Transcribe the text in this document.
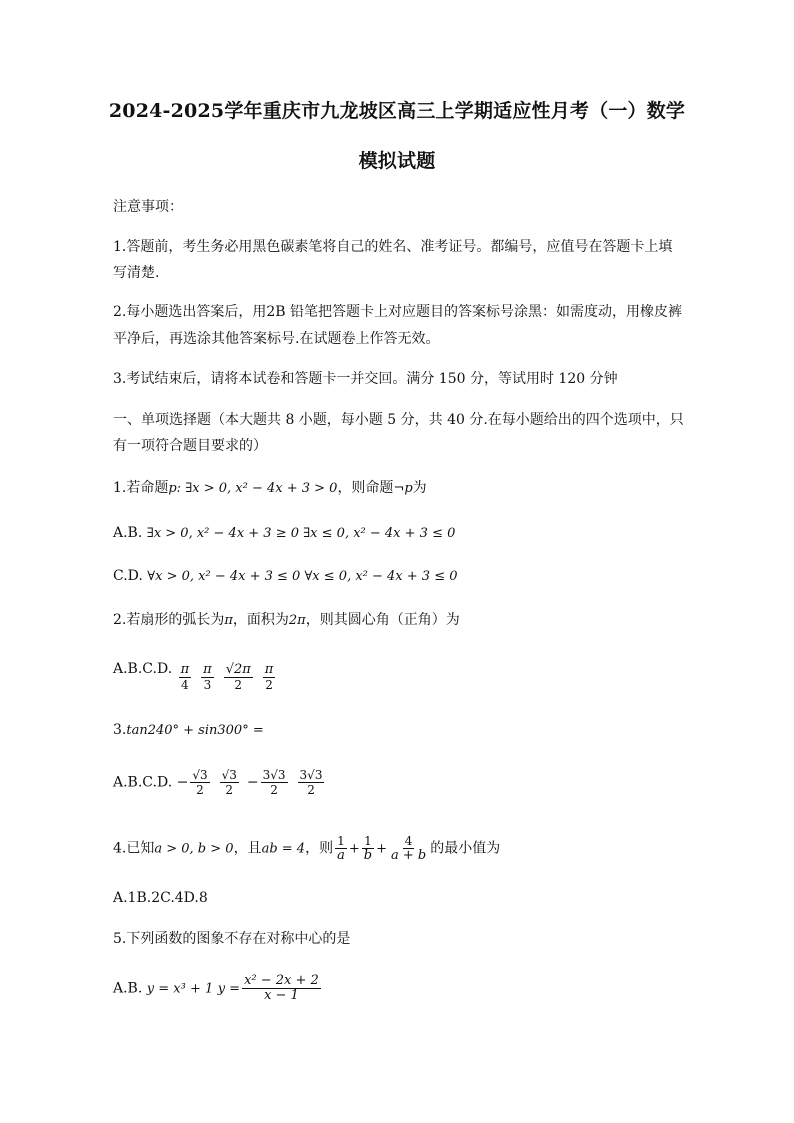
2024-2025学年重庆市九龙坡区高三上学期适应性月考（一）数学
模拟试题
注意事项：
1.答题前，考生务必用黑色碳素笔将自己的姓名、准考证号。都编号，应值号在答题卡上填
写清楚.
2.每小题选出答案后，用2B 铅笔把答题卡上对应题目的答案标号涂黑：如需度动，用橡皮裤
平净后，再选涂其他答案标号.在试题卷上作答无效。
3.考试结束后，请将本试卷和答题卡一并交回。满分 150 分，等试用时 120 分钟
一、单项选择题（本大题共 8 小题，每小题 5 分，共 40 分.在每小题给出的四个选项中，只
有一项符合题目要求的）
1.若命题p: ∃x > 0, x² − 4x + 3 > 0，则命题¬p为
A.B. ∃x > 0, x² − 4x + 3 ≥ 0 ∃x ≤ 0, x² − 4x + 3 ≤ 0
C.D. ∀x > 0, x² − 4x + 3 ≤ 0 ∀x ≤ 0, x² − 4x + 3 ≤ 0
2.若扇形的弧长为π，面积为2π，则其圆心角（正角）为
A.B.C.D. $\frac{\pi}{4} \frac{\pi}{3} \frac{√2\pi}{2} \frac{\pi}{2}$
3.tan240° + sin300° =
A.B.C.D. − $\frac{√3}{2} \frac{√3}{2} - \frac{3√3}{2} \frac{3√3}{2}$
4.已知a > 0, b > 0，且ab = 4，则 $\frac{1}{a} + \frac{1}{b} + \frac{4}{a + b}$ 的最小值为
A.1B.2C.4D.8
5.下列函数的图象不存在对称中心的是
A.B. y = x³ + 1 $y = \frac{\text{x² − 2x + 2}}{x - 1}$
